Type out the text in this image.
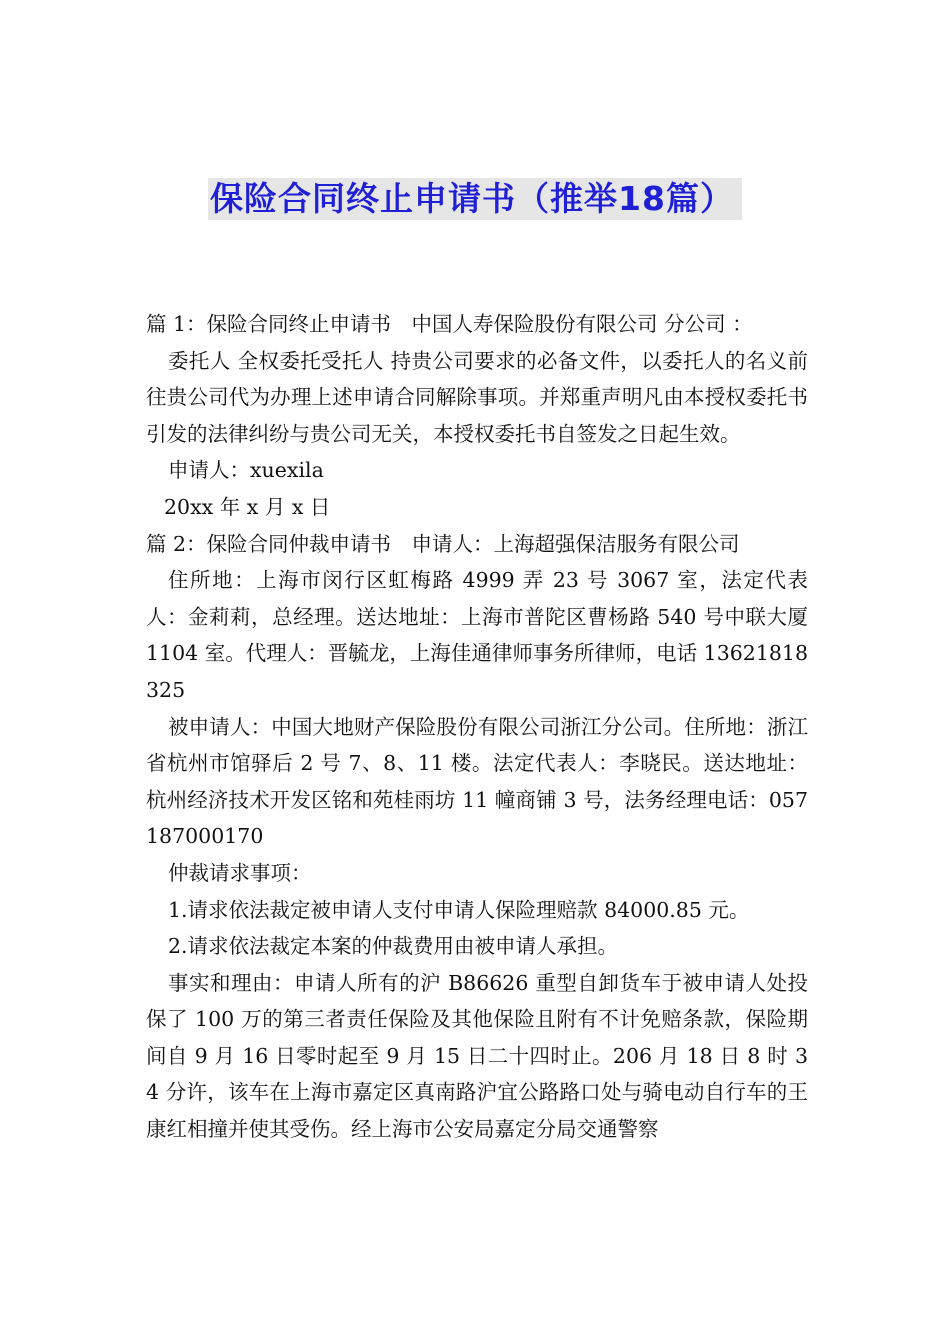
保险合同终止申请书（推举18篇）

篇 1：保险合同终止申请书　中国人寿保险股份有限公司 分公司 ：

委托人 全权委托受托人 持贵公司要求的必备文件，以委托人的名义前往贵公司代为办理上述申请合同解除事项。并郑重声明凡由本授权委托书引发的法律纠纷与贵公司无关，本授权委托书自签发之日起生效。

申请人：xuexila

20xx 年 x 月 x 日

篇 2：保险合同仲裁申请书　申请人：上海超强保洁服务有限公司

住所地：上海市闵行区虹梅路 4999 弄 23 号 3067 室，法定代表人：金莉莉，总经理。送达地址：上海市普陀区曹杨路 540 号中联大厦 1104 室。代理人：晋毓龙，上海佳通律师事务所律师，电话 13621818325

被申请人：中国大地财产保险股份有限公司浙江分公司。住所地：浙江省杭州市馆驿后 2 号 7、8、11 楼。法定代表人：李晓民。送达地址：杭州经济技术开发区铭和苑桂雨坊 11 幢商铺 3 号，法务经理电话：057187000170

仲裁请求事项：

1.请求依法裁定被申请人支付申请人保险理赔款 84000.85 元。

2.请求依法裁定本案的仲裁费用由被申请人承担。

事实和理由：申请人所有的沪 B86626 重型自卸货车于被申请人处投保了 100 万的第三者责任保险及其他保险且附有不计免赔条款，保险期间自 9 月 16 日零时起至 9 月 15 日二十四时止。206 月 18 日 8 时 34 分许，该车在上海市嘉定区真南路沪宜公路路口处与骑电动自行车的王康红相撞并使其受伤。经上海市公安局嘉定分局交通警察
